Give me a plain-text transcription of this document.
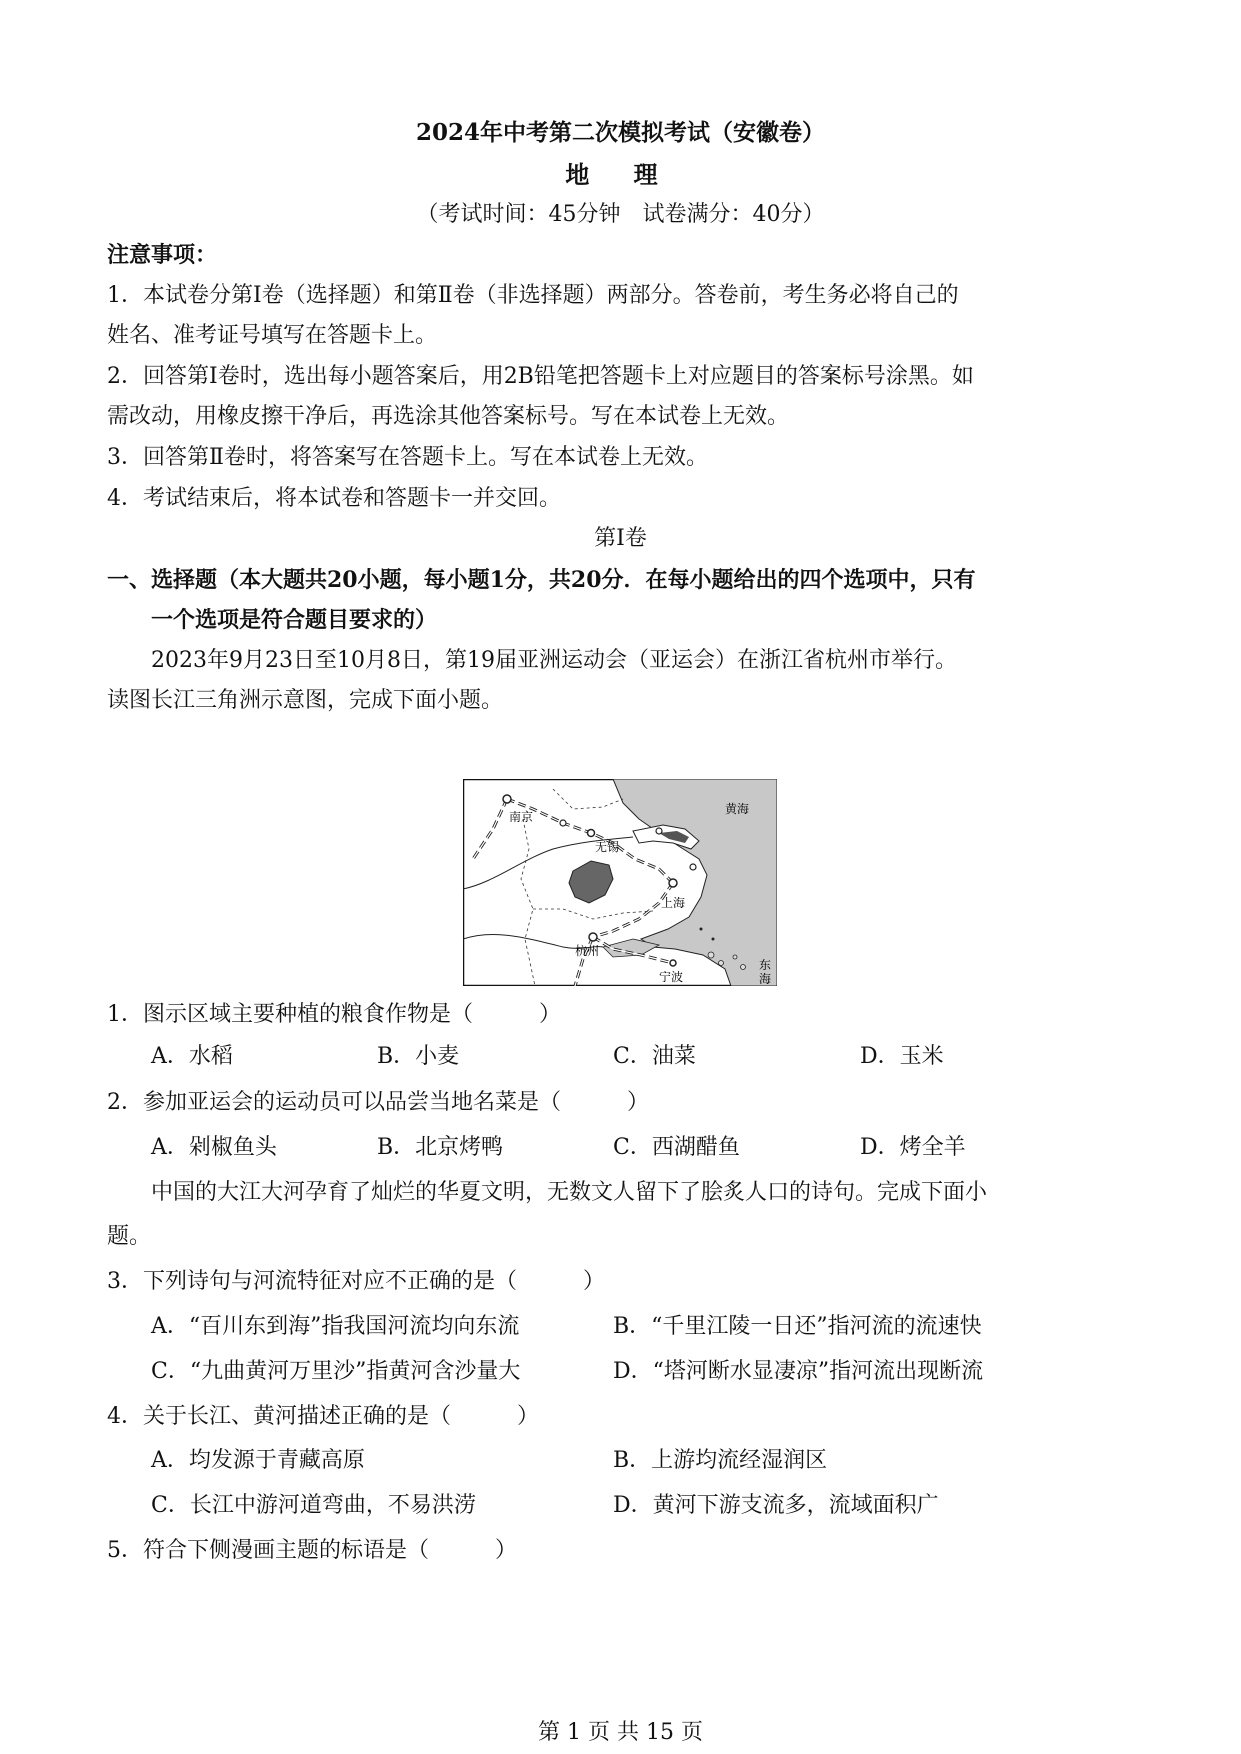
2024年中考第二次模拟考试（安徽卷）
地 理
（考试时间：45分钟　试卷满分：40分）
注意事项：
1．本试卷分第Ⅰ卷（选择题）和第Ⅱ卷（非选择题）两部分。答卷前，考生务必将自己的
姓名、准考证号填写在答题卡上。
2．回答第Ⅰ卷时，选出每小题答案后，用2B铅笔把答题卡上对应题目的答案标号涂黑。如
需改动，用橡皮擦干净后，再选涂其他答案标号。写在本试卷上无效。
3．回答第Ⅱ卷时，将答案写在答题卡上。写在本试卷上无效。
4．考试结束后，将本试卷和答题卡一并交回。
第Ⅰ卷
一、选择题（本大题共20小题，每小题1分，共20分．在每小题给出的四个选项中，只有
一个选项是符合题目要求的）
2023年9月23日至10月8日，第19届亚洲运动会（亚运会）在浙江省杭州市举行。
读图长江三角洲示意图，完成下面小题。
南京
无锡
上海
杭州
宁波
黄海
东
海
1．图示区域主要种植的粮食作物是（　　　）
A．水稻	B．小麦	C．油菜	D．玉米
2．参加亚运会的运动员可以品尝当地名菜是（　　　）
A．剁椒鱼头	B．北京烤鸭	C．西湖醋鱼	D．烤全羊
中国的大江大河孕育了灿烂的华夏文明，无数文人留下了脍炙人口的诗句。完成下面小
题。
3．下列诗句与河流特征对应不正确的是（　　　）
A．“百川东到海”指我国河流均向东流	B．“千里江陵一日还”指河流的流速快
C．“九曲黄河万里沙”指黄河含沙量大	D．“塔河断水显凄凉”指河流出现断流
4．关于长江、黄河描述正确的是（　　　）
A．均发源于青藏高原	B．上游均流经湿润区
C．长江中游河道弯曲，不易洪涝	D．黄河下游支流多，流域面积广
5．符合下侧漫画主题的标语是（　　　）
第 1 页 共 15 页
